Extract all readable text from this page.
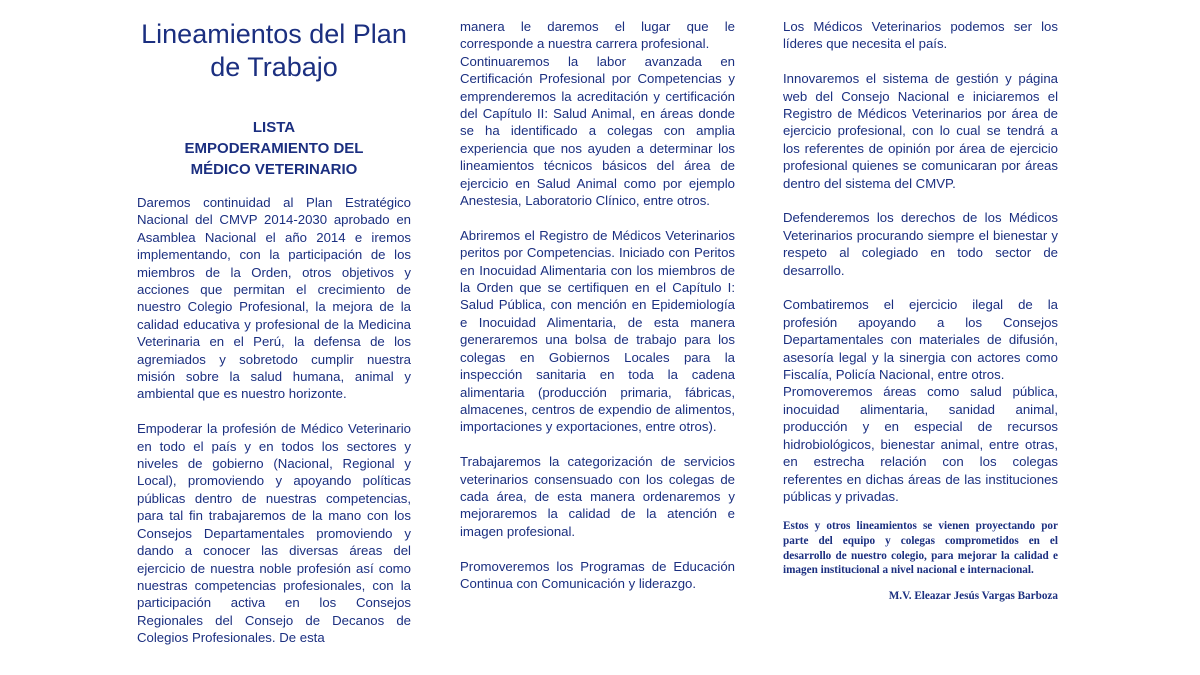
Lineamientos del Plan
de Trabajo
LISTA
EMPODERAMIENTO DEL
MÉDICO VETERINARIO

Daremos continuidad al Plan Estratégico Nacional del CMVP 2014-2030 aprobado en Asamblea Nacional el año 2014 e iremos implementando, con la participación de los miembros de la Orden, otros objetivos y acciones que permitan el crecimiento de nuestro Colegio Profesional, la mejora de la calidad educativa y profesional de la Medicina Veterinaria en el Perú, la defensa de los agremiados y sobretodo cumplir nuestra misión sobre la salud humana, animal y ambiental que es nuestro horizonte.

Empoderar la profesión de Médico Veterinario en todo el país y en todos los sectores y niveles de gobierno (Nacional, Regional y Local), promoviendo y apoyando políticas públicas dentro de nuestras competencias, para tal fin trabajaremos de la mano con los Consejos Departamentales promoviendo y dando a conocer las diversas áreas del ejercicio de nuestra noble profesión así como nuestras competencias profesionales, con la participación activa en los Consejos Regionales del Consejo de Decanos de Colegios Profesionales. De esta

manera le daremos el lugar que le corresponde a nuestra carrera profesional.

Continuaremos la labor avanzada en Certificación Profesional por Competencias y emprenderemos la acreditación y certificación del Capítulo II: Salud Animal, en áreas donde se ha identificado a colegas con amplia experiencia que nos ayuden a determinar los lineamientos técnicos básicos del área de ejercicio en Salud Animal como por ejemplo Anestesia, Laboratorio Clínico, entre otros.

Abriremos el Registro de Médicos Veterinarios peritos por Competencias. Iniciado con Peritos en Inocuidad Alimentaria con los miembros de la Orden que se certifiquen en el Capítulo I: Salud Pública, con mención en Epidemiología e Inocuidad Alimentaria, de esta manera generaremos una bolsa de trabajo para los colegas en Gobiernos Locales para la inspección sanitaria en toda la cadena alimentaria (producción primaria, fábricas, almacenes, centros de expendio de alimentos, importaciones y exportaciones, entre otros).

Trabajaremos la categorización de servicios veterinarios consensuado con los colegas de cada área, de esta manera ordenaremos y mejoraremos la calidad de la atención e imagen profesional.

Promoveremos los Programas de Educación Continua con Comunicación y liderazgo.

Los Médicos Veterinarios podemos ser los líderes que necesita el país.

Innovaremos el sistema de gestión y página web del Consejo Nacional e iniciaremos el Registro de Médicos Veterinarios por área de ejercicio profesional, con lo cual se tendrá a los referentes de opinión por área de ejercicio profesional quienes se comunicaran por áreas dentro del sistema del CMVP.

Defenderemos los derechos de los Médicos Veterinarios procurando siempre el bienestar y respeto al colegiado en todo sector de desarrollo.

Combatiremos el ejercicio ilegal de la profesión apoyando a los Consejos Departamentales con materiales de difusión, asesoría legal y la sinergia con actores como Fiscalía, Policía Nacional, entre otros.

Promoveremos áreas como salud pública, inocuidad alimentaria, sanidad animal, producción y en especial de recursos hidrobiológicos, bienestar animal, entre otras, en estrecha relación con los colegas referentes en dichas áreas de las instituciones públicas y privadas.

Estos y otros lineamientos se vienen proyectando por parte del equipo y colegas comprometidos en el desarrollo de nuestro colegio, para mejorar la calidad e imagen institucional a nivel nacional e internacional.

M.V. Eleazar Jesús Vargas Barboza
